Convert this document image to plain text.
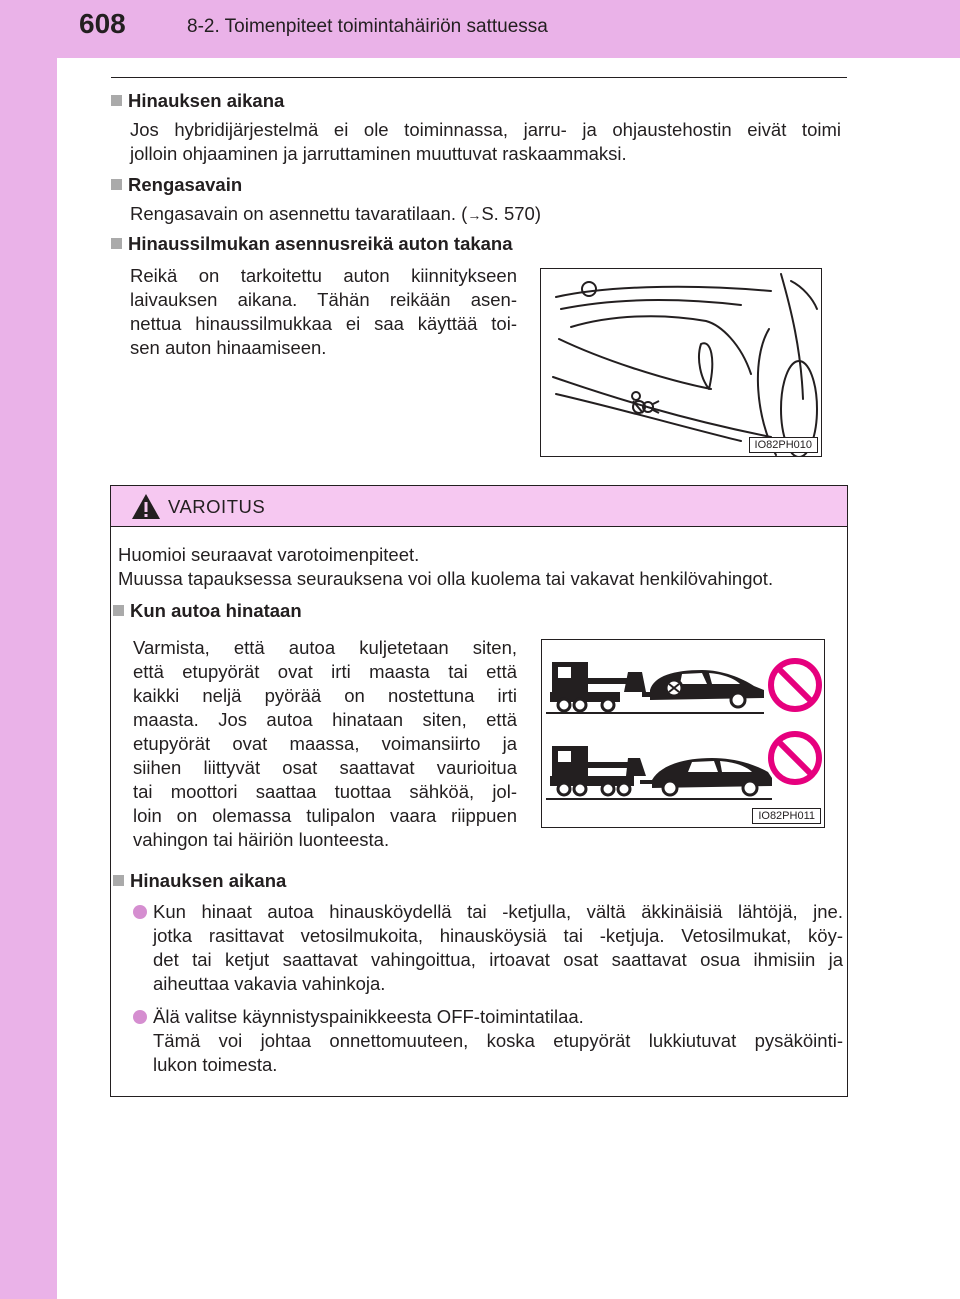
608	8-2. Toimenpiteet toimintahäiriön sattuessa
Hinauksen aikana
Jos hybridijärjestelmä ei ole toiminnassa, jarru- ja ohjaustehostin eivät toimi
jolloin ohjaaminen ja jarruttaminen muuttuvat raskaammaksi.
Rengasavain
Rengasavain on asennettu tavaratilaan. (→S. 570)
Hinaussilmukan asennusreikä auton takana
Reikä on tarkoitettu auton kiinnitykseen
laivauksen aikana. Tähän reikään asen-
nettua hinaussilmukkaa ei saa käyttää toi-
sen auton hinaamiseen.
IO82PH010
VAROITUS
Huomioi seuraavat varotoimenpiteet.
Muussa tapauksessa seurauksena voi olla kuolema tai vakavat henkilövahingot.
Kun autoa hinataan
Varmista, että autoa kuljetetaan siten,
että etupyörät ovat irti maasta tai että
kaikki neljä pyörää on nostettuna irti
maasta. Jos autoa hinataan siten, että
etupyörät ovat maassa, voimansiirto ja
siihen liittyvät osat saattavat vaurioitua
tai moottori saattaa tuottaa sähköä, jol-
loin on olemassa tulipalon vaara riippuen
vahingon tai häiriön luonteesta.
IO82PH011
Hinauksen aikana
Kun hinaat autoa hinausköydellä tai -ketjulla, vältä äkkinäisiä lähtöjä, jne.
jotka rasittavat vetosilmukoita, hinausköysiä tai -ketjuja. Vetosilmukat, köy-
det tai ketjut saattavat vahingoittua, irtoavat osat saattavat osua ihmisiin ja
aiheuttaa vakavia vahinkoja.
Älä valitse käynnistyspainikkeesta OFF-toimintatilaa.
Tämä voi johtaa onnettomuuteen, koska etupyörät lukkiutuvat pysäköinti-
lukon toimesta.
